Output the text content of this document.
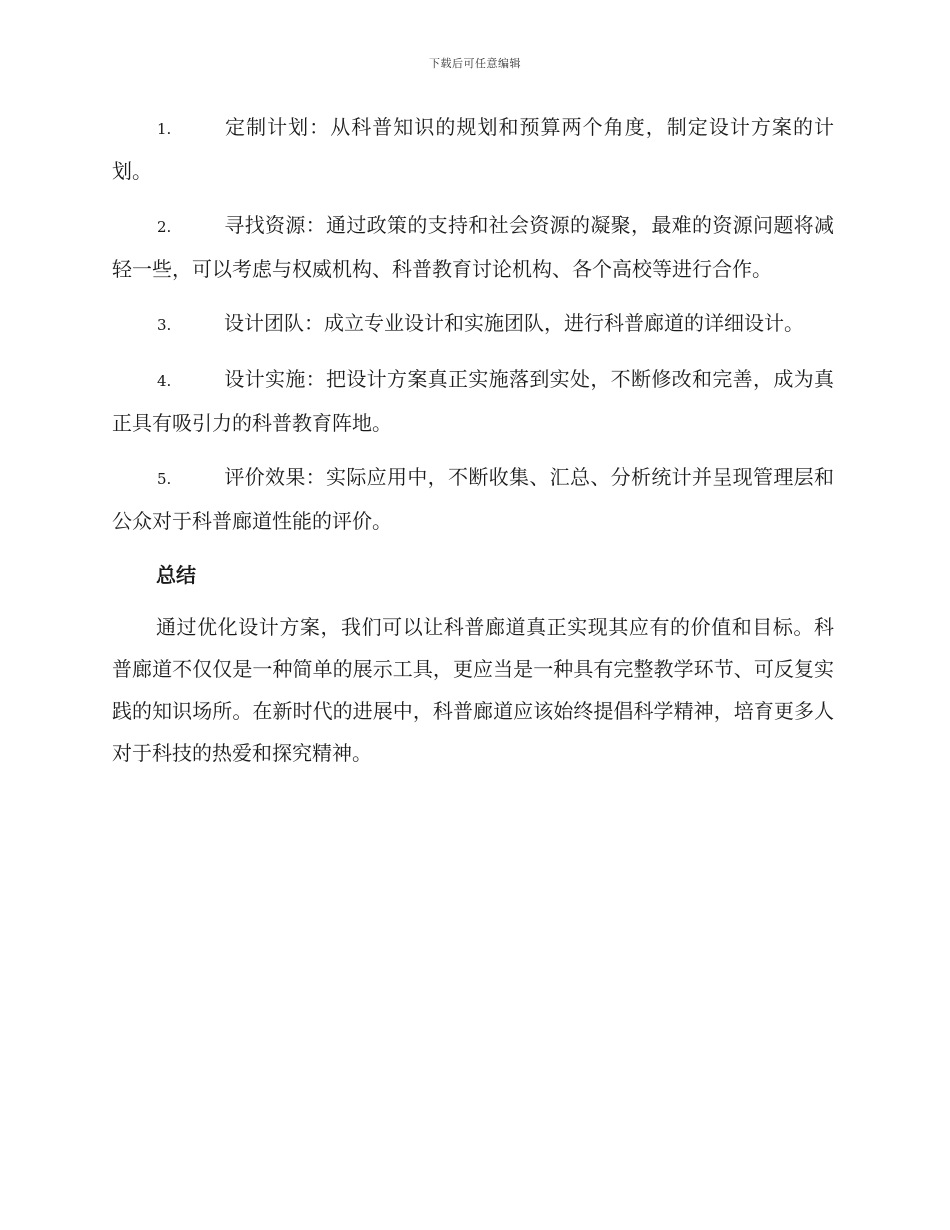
下载后可任意编辑
1.	定制计划：从科普知识的规划和预算两个角度，制定设计方案的计划。
2.	寻找资源：通过政策的支持和社会资源的凝聚，最难的资源问题将减轻一些，可以考虑与权威机构、科普教育讨论机构、各个高校等进行合作。
3.	设计团队：成立专业设计和实施团队，进行科普廊道的详细设计。
4.	设计实施：把设计方案真正实施落到实处，不断修改和完善，成为真正具有吸引力的科普教育阵地。
5.	评价效果：实际应用中，不断收集、汇总、分析统计并呈现管理层和公众对于科普廊道性能的评价。
总结

通过优化设计方案，我们可以让科普廊道真正实现其应有的价值和目标。科普廊道不仅仅是一种简单的展示工具，更应当是一种具有完整教学环节、可反复实践的知识场所。在新时代的进展中，科普廊道应该始终提倡科学精神，培育更多人对于科技的热爱和探究精神。
